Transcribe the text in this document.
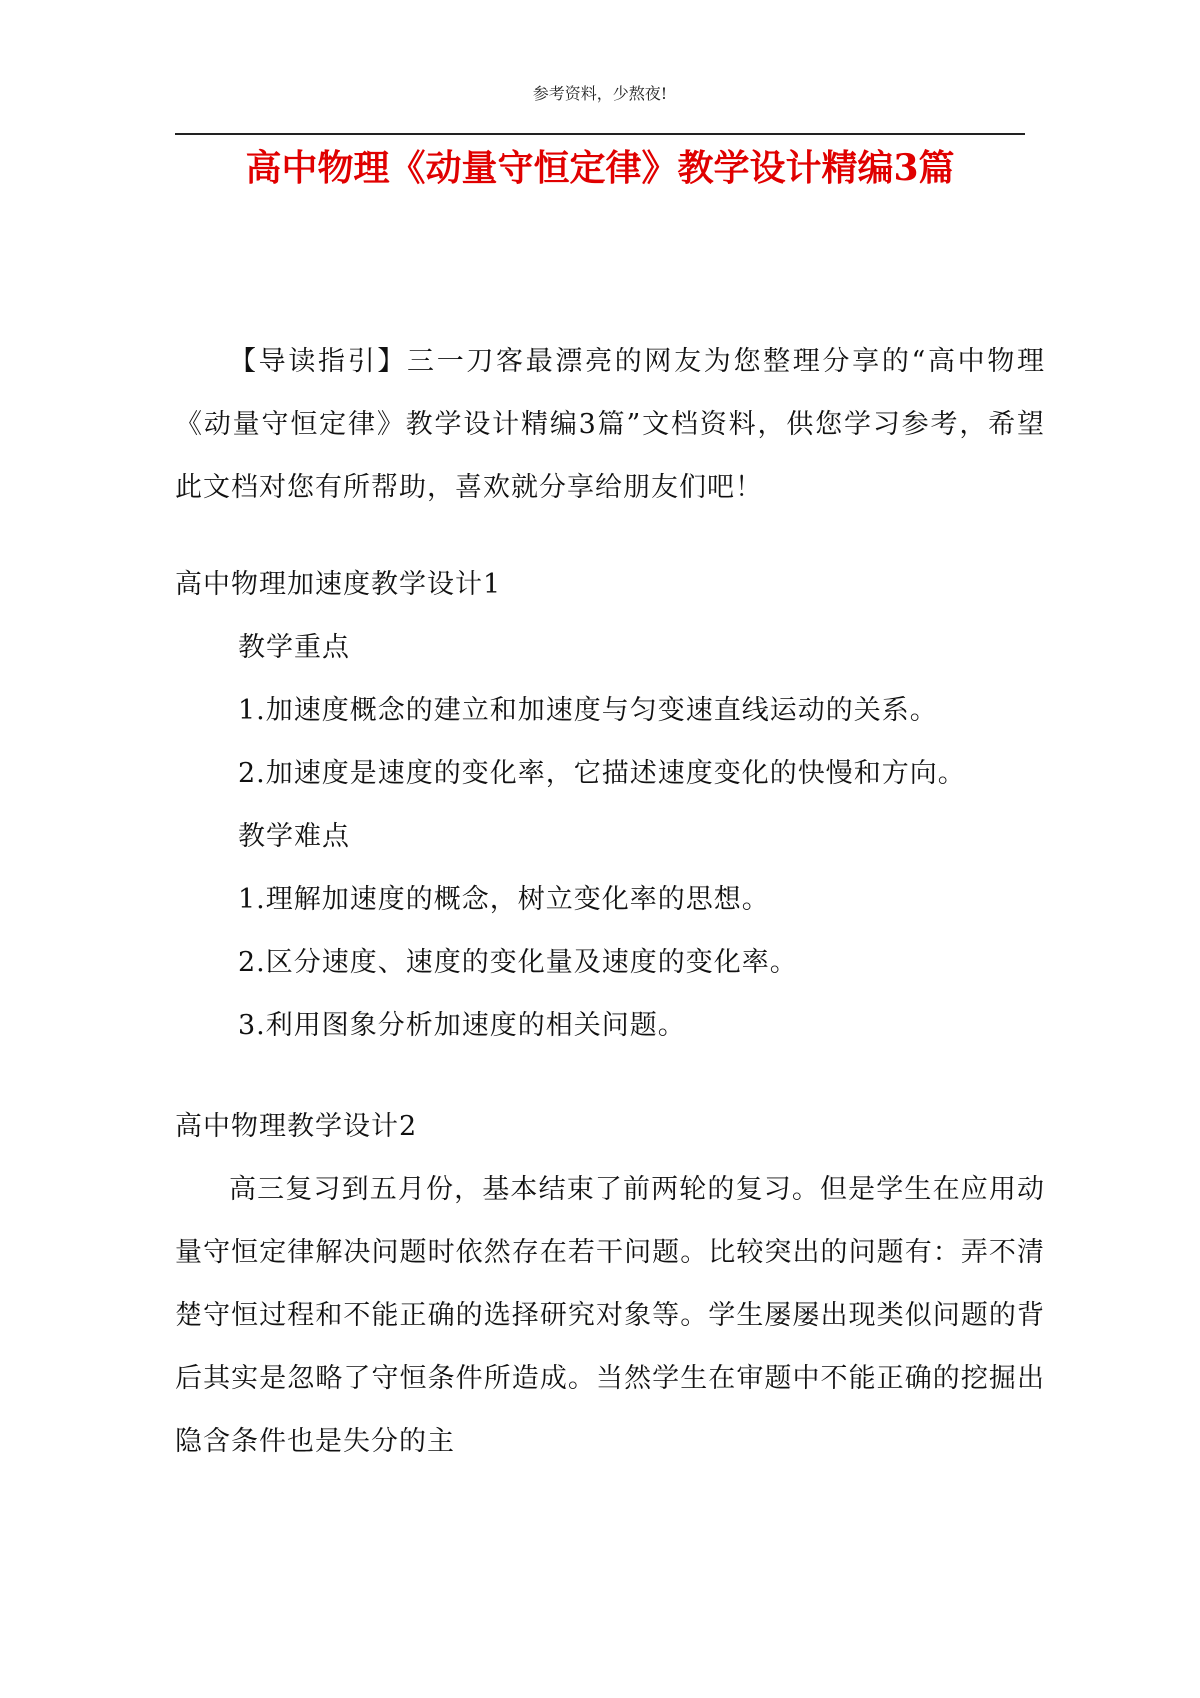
参考资料，少熬夜!
高中物理《动量守恒定律》教学设计精编3篇

【导读指引】三一刀客最漂亮的网友为您整理分享的“高中物理《动量守恒定律》教学设计精编3篇”文档资料，供您学习参考，希望此文档对您有所帮助，喜欢就分享给朋友们吧！

高中物理加速度教学设计1

教学重点

1.加速度概念的建立和加速度与匀变速直线运动的关系。

2.加速度是速度的变化率，它描述速度变化的快慢和方向。

教学难点

1.理解加速度的概念，树立变化率的思想。

2.区分速度、速度的变化量及速度的变化率。

3.利用图象分析加速度的相关问题。

高中物理教学设计2

高三复习到五月份，基本结束了前两轮的复习。但是学生在应用动量守恒定律解决问题时依然存在若干问题。比较突出的问题有：弄不清楚守恒过程和不能正确的选择研究对象等。学生屡屡出现类似问题的背后其实是忽略了守恒条件所造成。当然学生在审题中不能正确的挖掘出隐含条件也是失分的主
